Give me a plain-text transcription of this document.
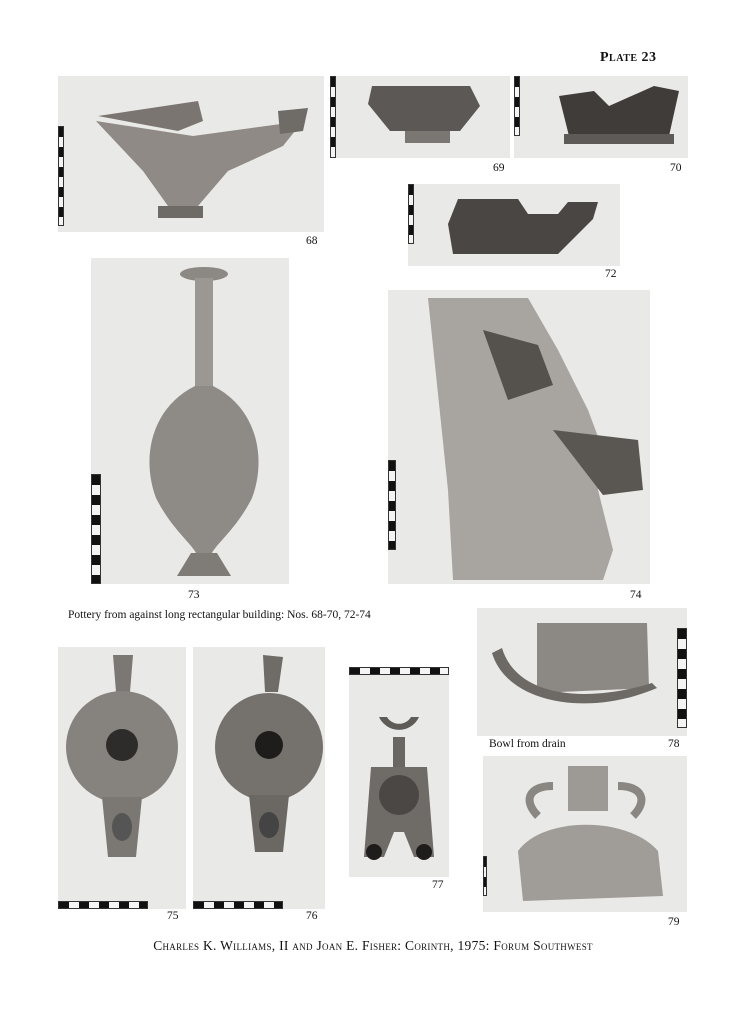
Plate 23
68
69	70
72
73	74
Pottery from against long rectangular building: Nos. 68-70, 72-74
Bowl from drain	78
75	76
77
79
Charles K. Williams, II and Joan E. Fisher: Corinth, 1975: Forum Southwest
